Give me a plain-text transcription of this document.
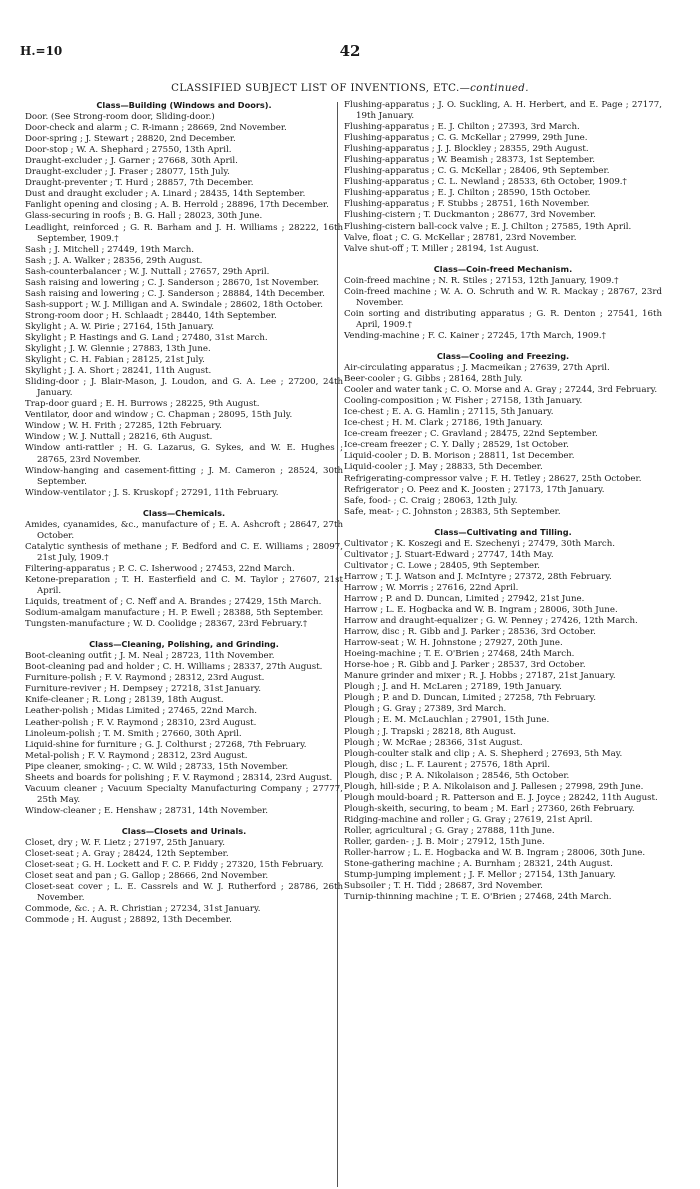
H.=10	42
CLASSIFIED SUBJECT LIST OF INVENTIONS, ETC.—continued.
Class—Building (Windows and Doors).
Door. (See Strong-room door, Sliding-door.)
Door-check and alarm ; C. R-imann ; 28669, 2nd November.
Door-spring ; J. Stewart ; 28820, 2nd December.
Door-stop ; W. A. Shephard ; 27550, 13th April.
Draught-excluder ; J. Garner ; 27668, 30th April.
Draught-excluder ; J. Fraser ; 28077, 15th July.
Draught-preventer ; T. Hurd ; 28857, 7th December.
Dust and draught excluder ; A. Linard ; 28435, 14th September.
Fanlight opening and closing ; A. B. Herrold ; 28896, 17th December.
Glass-securing in roofs ; B. G. Hall ; 28023, 30th June.
Leadlight, reinforced ; G. R. Barham and J. H. Williams ; 28222, 16th September, 1909.†
Sash ; J. Mitchell ; 27449, 19th March.
Sash ; J. A. Walker ; 28356, 29th August.
Sash-counterbalancer ; W. J. Nuttall ; 27657, 29th April.
Sash raising and lowering ; C. J. Sanderson ; 28670, 1st November.
Sash raising and lowering ; C. J. Sanderson ; 28884, 14th December.
Sash-support ; W. J. Milligan and A. Swindale ; 28602, 18th October.
Strong-room door ; H. Schlaadt ; 28440, 14th September.
Skylight ; A. W. Pirie ; 27164, 15th January.
Skylight ; P. Hastings and G. Land ; 27480, 31st March.
Skylight ; J. W. Glennie ; 27883, 13th June.
Skylight ; C. H. Fabian ; 28125, 21st July.
Skylight ; J. A. Short ; 28241, 11th August.
Sliding-door ; J. Blair-Mason, J. Loudon, and G. A. Lee ; 27200, 24th January.
Trap-door guard ; E. H. Burrows ; 28225, 9th August.
Ventilator, door and window ; C. Chapman ; 28095, 15th July.
Window ; W. H. Frith ; 27285, 12th February.
Window ; W. J. Nuttall ; 28216, 6th August.
Window anti-rattler ; H. G. Lazarus, G. Sykes, and W. E. Hughes ; 28765, 23rd November.
Window-hanging and casement-fitting ; J. M. Cameron ; 28524, 30th September.
Window-ventilator ; J. S. Kruskopf ; 27291, 11th February.
Class—Chemicals.
Amides, cyanamides, &c., manufacture of ; E. A. Ashcroft ; 28647, 27th October.
Catalytic synthesis of methane ; F. Bedford and C. E. Williams ; 28097, 21st July, 1909.†
Filtering-apparatus ; P. C. C. Isherwood ; 27453, 22nd March.
Ketone-preparation ; T. H. Easterfield and C. M. Taylor ; 27607, 21st April.
Liquids, treatment of ; C. Neff and A. Brandes ; 27429, 15th March.
Sodium-amalgam manufacture ; H. P. Ewell ; 28388, 5th September.
Tungsten-manufacture ; W. D. Coolidge ; 28367, 23rd February.†
Class—Cleaning, Polishing, and Grinding.
Boot-cleaning outfit ; J. M. Neal ; 28723, 11th November.
Boot-cleaning pad and holder ; C. H. Williams ; 28337, 27th August.
Furniture-polish ; F. V. Raymond ; 28312, 23rd August.
Furniture-reviver ; H. Dempsey ; 27218, 31st January.
Knife-cleaner ; R. Long ; 28139, 18th August.
Leather-polish ; Midas Limited ; 27465, 22nd March.
Leather-polish ; F. V. Raymond ; 28310, 23rd August.
Linoleum-polish ; T. M. Smith ; 27660, 30th April.
Liquid-shine for furniture ; G. J. Colthurst ; 27268, 7th February.
Metal-polish ; F. V. Raymond ; 28312, 23rd August.
Pipe cleaner, smoking- ; C. W. Wild ; 28733, 15th November.
Sheets and boards for polishing ; F. V. Raymond ; 28314, 23rd August.
Vacuum cleaner ; Vacuum Specialty Manufacturing Company ; 27777, 25th May.
Window-cleaner ; E. Henshaw ; 28731, 14th November.
Class—Closets and Urinals.
Closet, dry ; W. F. Lietz ; 27197, 25th January.
Closet-seat ; A. Gray ; 28424, 12th September.
Closet-seat ; G. H. Lockett and F. C. P. Fiddy ; 27320, 15th February.
Closet seat and pan ; G. Gallop ; 28666, 2nd November.
Closet-seat cover ; L. E. Cassrels and W. J. Rutherford ; 28786, 26th November.
Commode, &c. ; A. R. Christian ; 27234, 31st January.
Commode ; H. August ; 28892, 13th December.
Flushing-apparatus ; J. O. Suckling, A. H. Herbert, and E. Page ; 27177, 19th January.
Flushing-apparatus ; E. J. Chilton ; 27393, 3rd March.
Flushing-apparatus ; C. G. McKellar ; 27999, 29th June.
Flushing-apparatus ; J. J. Blockley ; 28355, 29th August.
Flushing-apparatus ; W. Beamish ; 28373, 1st September.
Flushing-apparatus ; C. G. McKellar ; 28406, 9th September.
Flushing-apparatus ; C. L. Newland ; 28533, 6th October, 1909.†
Flushing-apparatus ; E. J. Chilton ; 28590, 15th October.
Flushing-apparatus ; F. Stubbs ; 28751, 16th November.
Flushing-cistern ; T. Duckmanton ; 28677, 3rd November.
Flushing-cistern ball-cock valve ; E. J. Chilton ; 27585, 19th April.
Valve, float ; C. G. McKellar ; 28781, 23rd November.
Valve shut-off ; T. Miller ; 28194, 1st August.
Class—Coin-freed Mechanism.
Coin-freed machine ; N. R. Stiles ; 27153, 12th January, 1909.†
Coin-freed machine ; W. A. O. Schruth and W. R. Mackay ; 28767, 23rd November.
Coin sorting and distributing apparatus ; G. R. Denton ; 27541, 16th April, 1909.†
Vending-machine ; F. C. Kainer ; 27245, 17th March, 1909.†
Class—Cooling and Freezing.
Air-circulating apparatus ; J. Macmeikan ; 27639, 27th April.
Beer-cooler ; G. Gibbs ; 28164, 28th July.
Cooler and water tank ; C. O. Morse and A. Gray ; 27244, 3rd February.
Cooling-composition ; W. Fisher ; 27158, 13th January.
Ice-chest ; E. A. G. Hamlin ; 27115, 5th January.
Ice-chest ; H. M. Clark ; 27186, 19th January.
Ice-cream freezer ; C. Gravland ; 28475, 22nd September.
Ice-cream freezer ; C. Y. Dally ; 28529, 1st October.
Liquid-cooler ; D. B. Morison ; 28811, 1st December.
Liquid-cooler ; J. May ; 28833, 5th December.
Refrigerating-compressor valve ; F. H. Tetley ; 28627, 25th October.
Refrigerator ; O. Peez and K. Joosten ; 27173, 17th January.
Safe, food- ; C. Craig ; 28063, 12th July.
Safe, meat- ; C. Johnston ; 28383, 5th September.
Class—Cultivating and Tilling.
Cultivator ; K. Koszegi and E. Szechenyi ; 27479, 30th March.
Cultivator ; J. Stuart-Edward ; 27747, 14th May.
Cultivator ; C. Lowe ; 28405, 9th September.
Harrow ; T. J. Watson and J. McIntyre ; 27372, 28th February.
Harrow ; W. Morris ; 27616, 22nd April.
Harrow ; P. and D. Duncan, Limited ; 27942, 21st June.
Harrow ; L. E. Hogbacka and W. B. Ingram ; 28006, 30th June.
Harrow and draught-equalizer ; G. W. Penney ; 27426, 12th March.
Harrow, disc ; R. Gibb and J. Parker ; 28536, 3rd October.
Harrow-seat ; W. H. Johnstone ; 27927, 20th June.
Hoeing-machine ; T. E. O'Brien ; 27468, 24th March.
Horse-hoe ; R. Gibb and J. Parker ; 28537, 3rd October.
Manure grinder and mixer ; R. J. Hobbs ; 27187, 21st January.
Plough ; J. and H. McLaren ; 27189, 19th January.
Plough ; P. and D. Duncan, Limited ; 27258, 7th February.
Plough ; G. Gray ; 27389, 3rd March.
Plough ; E. M. McLauchlan ; 27901, 15th June.
Plough ; J. Trapski ; 28218, 8th August.
Plough ; W. McRae ; 28366, 31st August.
Plough-coulter stalk and clip ; A. S. Shepherd ; 27693, 5th May.
Plough, disc ; L. F. Laurent ; 27576, 18th April.
Plough, disc ; P. A. Nikolaison ; 28546, 5th October.
Plough, hill-side ; P. A. Nikolaison and J. Pallesen ; 27998, 29th June.
Plough mould-board ; R. Patterson and E. J. Joyce ; 28242, 11th August.
Plough-skeith, securing, to beam ; M. Earl ; 27360, 26th February.
Ridging-machine and roller ; G. Gray ; 27619, 21st April.
Roller, agricultural ; G. Gray ; 27888, 11th June.
Roller, garden- ; J. B. Moir ; 27912, 15th June.
Roller-harrow ; L. E. Hogbacka and W. B. Ingram ; 28006, 30th June.
Stone-gathering machine ; A. Burnham ; 28321, 24th August.
Stump-jumping implement ; J. F. Mellor ; 27154, 13th January.
Subsoiler ; T. H. Tidd ; 28687, 3rd November.
Turnip-thinning machine ; T. E. O'Brien ; 27468, 24th March.
